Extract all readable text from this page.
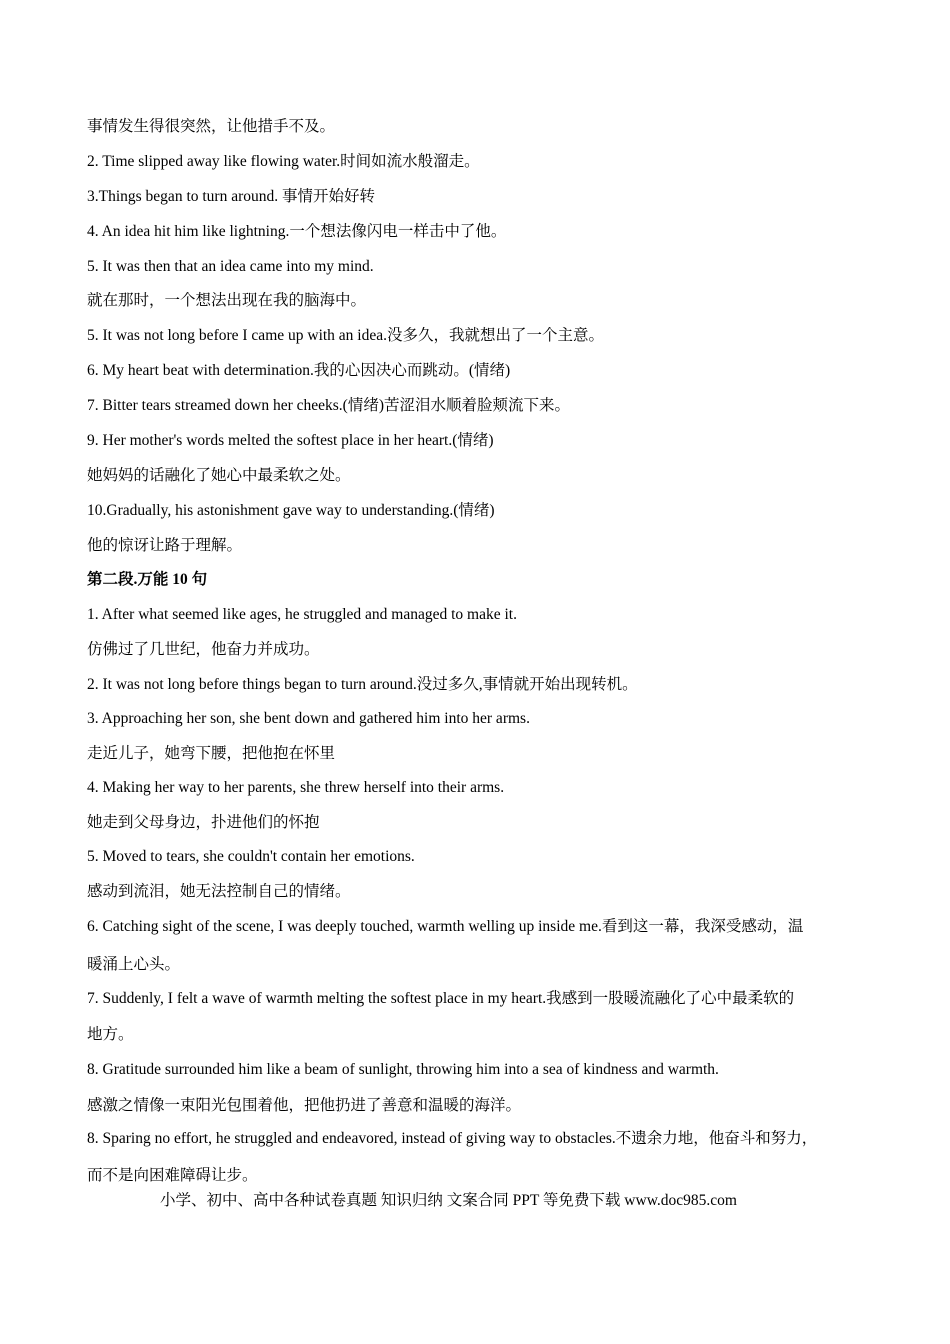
事情发生得很突然，让他措手不及。
2. Time slipped away like flowing water.时间如流水般溜走。
3.Things began to turn around. 事情开始好转
4. An idea hit him like lightning.一个想法像闪电一样击中了他。
5. It was then that an idea came into my mind.
就在那时，一个想法出现在我的脑海中。
5. It was not long before I came up with an idea.没多久，我就想出了一个主意。
6. My heart beat with determination.我的心因决心而跳动。(情绪)
7. Bitter tears streamed down her cheeks.(情绪)苦涩泪水顺着脸颊流下来。
9. Her mother's words melted the softest place in her heart.(情绪)
她妈妈的话融化了她心中最柔软之处。
10.Gradually, his astonishment gave way to understanding.(情绪)
他的惊讶让路于理解。
第二段.万能 10 句
1. After what seemed like ages, he struggled and managed to make it.
仿佛过了几世纪，他奋力并成功。
2. It was not long before things began to turn around.没过多久,事情就开始出现转机。
3. Approaching her son, she bent down and gathered him into her arms.
走近儿子，她弯下腰，把他抱在怀里
4. Making her way to her parents, she threw herself into their arms.
她走到父母身边，扑进他们的怀抱
5. Moved to tears, she couldn't contain her emotions.
感动到流泪，她无法控制自己的情绪。
6. Catching sight of the scene, I was deeply touched, warmth welling up inside me.看到这一幕，我深受感动，温
暖涌上心头。
7. Suddenly, I felt a wave of warmth melting the softest place in my heart.我感到一股暖流融化了心中最柔软的
地方。
8. Gratitude surrounded him like a beam of sunlight, throwing him into a sea of kindness and warmth.
感激之情像一束阳光包围着他，把他扔进了善意和温暖的海洋。
8. Sparing no effort, he struggled and endeavored, instead of giving way to obstacles.不遗余力地，他奋斗和努力，
而不是向困难障碍让步。
小学、初中、高中各种试卷真题 知识归纳 文案合同 PPT 等免费下载 www.doc985.com
